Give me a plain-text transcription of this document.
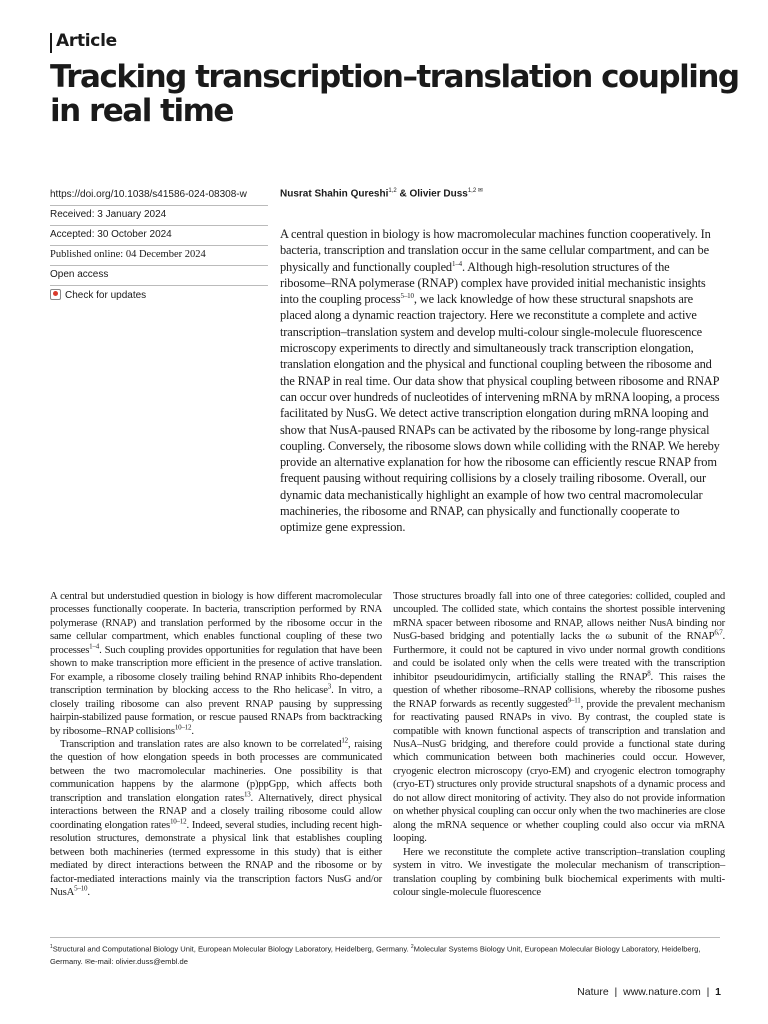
Article
Tracking transcription–translation coupling in real time
https://doi.org/10.1038/s41586-024-08308-w
Received: 3 January 2024
Accepted: 30 October 2024
Published online: 04 December 2024
Open access
Check for updates
Nusrat Shahin Qureshi$^{1,2}$ & Olivier Duss$^{1,2 ✉}$

A central question in biology is how macromolecular machines function cooperatively. In bacteria, transcription and translation occur in the same cellular compartment, and can be physically and functionally coupled$^{1-4}$. Although high-resolution structures of the ribosome–RNA polymerase (RNAP) complex have provided initial mechanistic insights into the coupling process$^{5-10}$, we lack knowledge of how these structural snapshots are placed along a dynamic reaction trajectory. Here we reconstitute a complete and active transcription–translation system and develop multi-colour single-molecule fluorescence microscopy experiments to directly and simultaneously track transcription elongation, translation elongation and the physical and functional coupling between the ribosome and the RNAP in real time. Our data show that physical coupling between ribosome and RNAP can occur over hundreds of nucleotides of intervening mRNA by mRNA looping, a process facilitated by NusG. We detect active transcription elongation during mRNA looping and show that NusA-paused RNAPs can be activated by the ribosome by long-range physical coupling. Conversely, the ribosome slows down while colliding with the RNAP. We hereby provide an alternative explanation for how the ribosome can efficiently rescue RNAP from frequent pausing without requiring collisions by a closely trailing ribosome. Overall, our dynamic data mechanistically highlight an example of how two central macromolecular machineries, the ribosome and RNAP, can physically and functionally cooperate to optimize gene expression.

A central but understudied question in biology is how different macromolecular processes functionally cooperate. In bacteria, transcription performed by RNA polymerase (RNAP) and translation performed by the ribosome occur in the same cellular compartment, which enables functional coupling of these two processes$^{1-4}$. Such coupling provides opportunities for regulation that have been shown to make transcription more efficient in the presence of active translation. For example, a ribosome closely trailing behind RNAP inhibits Rho-dependent transcription termination by blocking access to the Rho helicase$^3$. In vitro, a closely trailing ribosome can also prevent RNAP pausing by suppressing hairpin-stabilized pause formation, or rescue paused RNAPs from backtracking by ribosome–RNAP collisions$^{10-12}$.

Transcription and translation rates are also known to be correlated$^{12}$, raising the question of how elongation speeds in both processes are communicated between the two macromolecular machineries. One possibility is that communication happens by the alarmone (p)ppGpp, which affects both transcription and translation elongation rates$^{13}$. Alternatively, direct physical interactions between the RNAP and a closely trailing ribosome could allow coordinating elongation rates$^{10-12}$. Indeed, several studies, including recent high-resolution structures, demonstrate a physical link that establishes coupling between both machineries (termed expressome in this study) that is either mediated by direct interactions between the RNAP and the ribosome or by factor-mediated interactions mainly via the transcription factors NusG and/or NusA$^{5-10}$.

Those structures broadly fall into one of three categories: collided, coupled and uncoupled. The collided state, which contains the shortest possible intervening mRNA spacer between ribosome and RNAP, allows neither NusA binding nor NusG-based bridging and potentially lacks the ω subunit of the RNAP$^{6,7}$. Furthermore, it could not be captured in vivo under normal growth conditions and could be isolated only when the cells were treated with the transcription inhibitor pseudouridimycin, artificially stalling the RNAP$^8$. This raises the question of whether ribosome–RNAP collisions, whereby the ribosome pushes the RNAP forwards as recently suggested$^{9-11}$, provide the prevalent mechanism for reactivating paused RNAPs in vivo. By contrast, the coupled state is compatible with known functional aspects of transcription and translation and NusA–NusG bridging, and therefore could provide a functional state during which communication between both machineries could occur. However, cryogenic electron microscopy (cryo-EM) and cryogenic electron tomography (cryo-ET) structures only provide structural snapshots of a dynamic process and do not allow direct monitoring of activity. They also do not provide information on whether physical coupling can occur only when the two machineries are close along the mRNA sequence or whether coupling could also occur via mRNA looping.

Here we reconstitute the complete active transcription–translation coupling system in vitro. We investigate the molecular mechanism of transcription–translation coupling by combining bulk biochemical experiments with multi-colour single-molecule fluorescence

$^1$Structural and Computational Biology Unit, European Molecular Biology Laboratory, Heidelberg, Germany. $^2$Molecular Systems Biology Unit, European Molecular Biology Laboratory, Heidelberg, Germany. ✉e-mail: olivier.duss@embl.de

Nature | www.nature.com | 1
